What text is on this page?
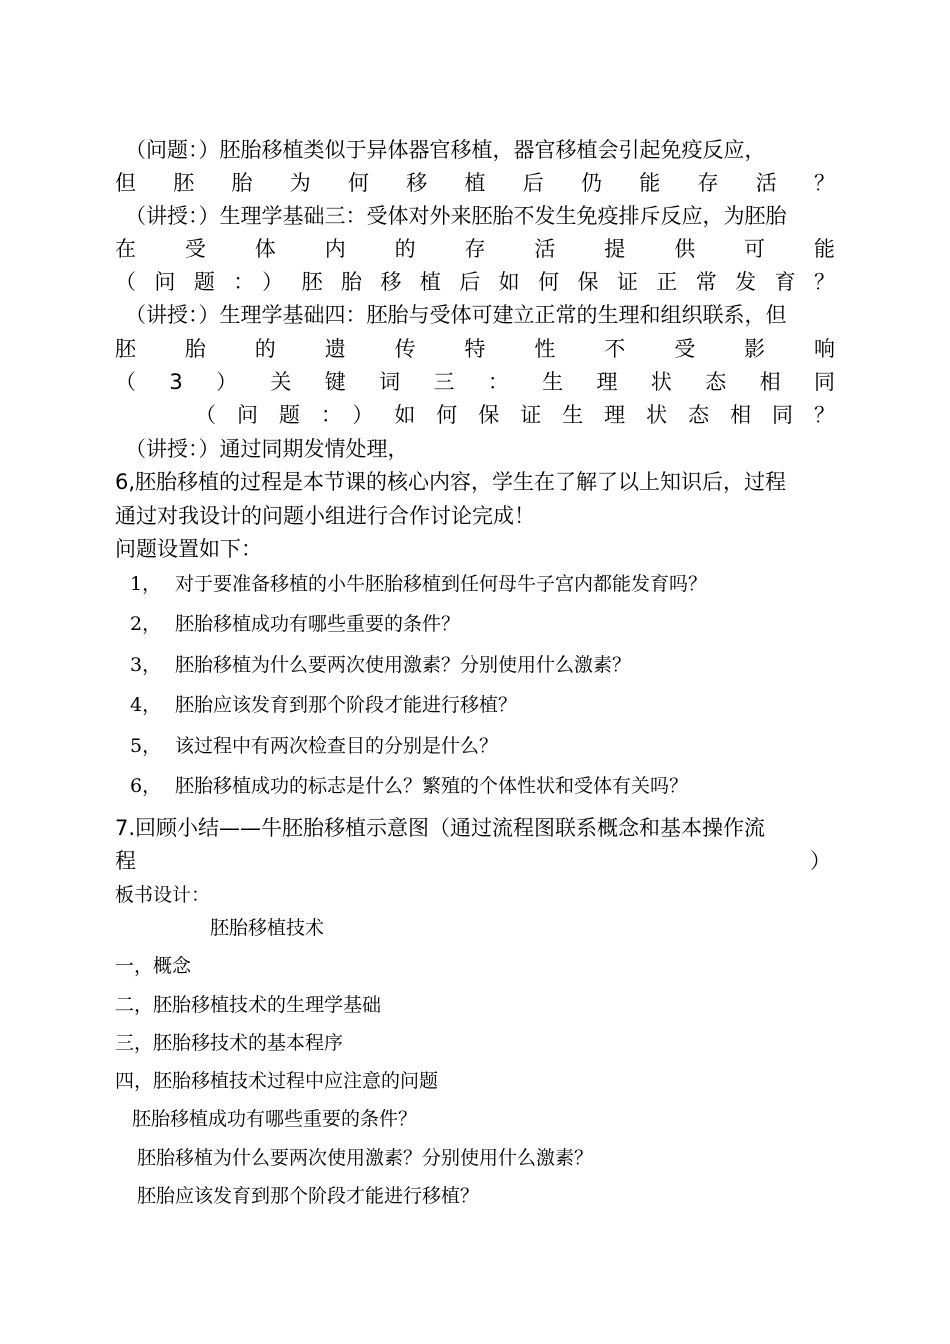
（问题：）胚胎移植类似于异体器官移植，器官移植会引起免疫反应，
但胚胎为何移植后仍能存活？
（讲授：）生理学基础三：受体对外来胚胎不发生免疫排斥反应，为胚胎
在受体内的存活提供可能
（问题：）胚胎移植后如何保证正常发育？
（讲授：）生理学基础四：胚胎与受体可建立正常的生理和组织联系，但
胚胎的遗传特性不受影响
（3）关键词三：生理状态相同
（问题：）如何保证生理状态相同？
（讲授：）通过同期发情处理，
6,胚胎移植的过程是本节课的核心内容，学生在了解了以上知识后，过程
通过对我设计的问题小组进行合作讨论完成！
问题设置如下：
1， 对于要准备移植的小牛胚胎移植到任何母牛子宫内都能发育吗？
2， 胚胎移植成功有哪些重要的条件？
3， 胚胎移植为什么要两次使用激素？分别使用什么激素？
4， 胚胎应该发育到那个阶段才能进行移植？
5， 该过程中有两次检查目的分别是什么？
6， 胚胎移植成功的标志是什么？繁殖的个体性状和受体有关吗？
7.回顾小结——牛胚胎移植示意图（通过流程图联系概念和基本操作流
程	）
板书设计：
胚胎移植技术
一，概念
二，胚胎移植技术的生理学基础
三，胚胎移技术的基本程序
四，胚胎移植技术过程中应注意的问题
胚胎移植成功有哪些重要的条件？
胚胎移植为什么要两次使用激素？分别使用什么激素？
胚胎应该发育到那个阶段才能进行移植？
